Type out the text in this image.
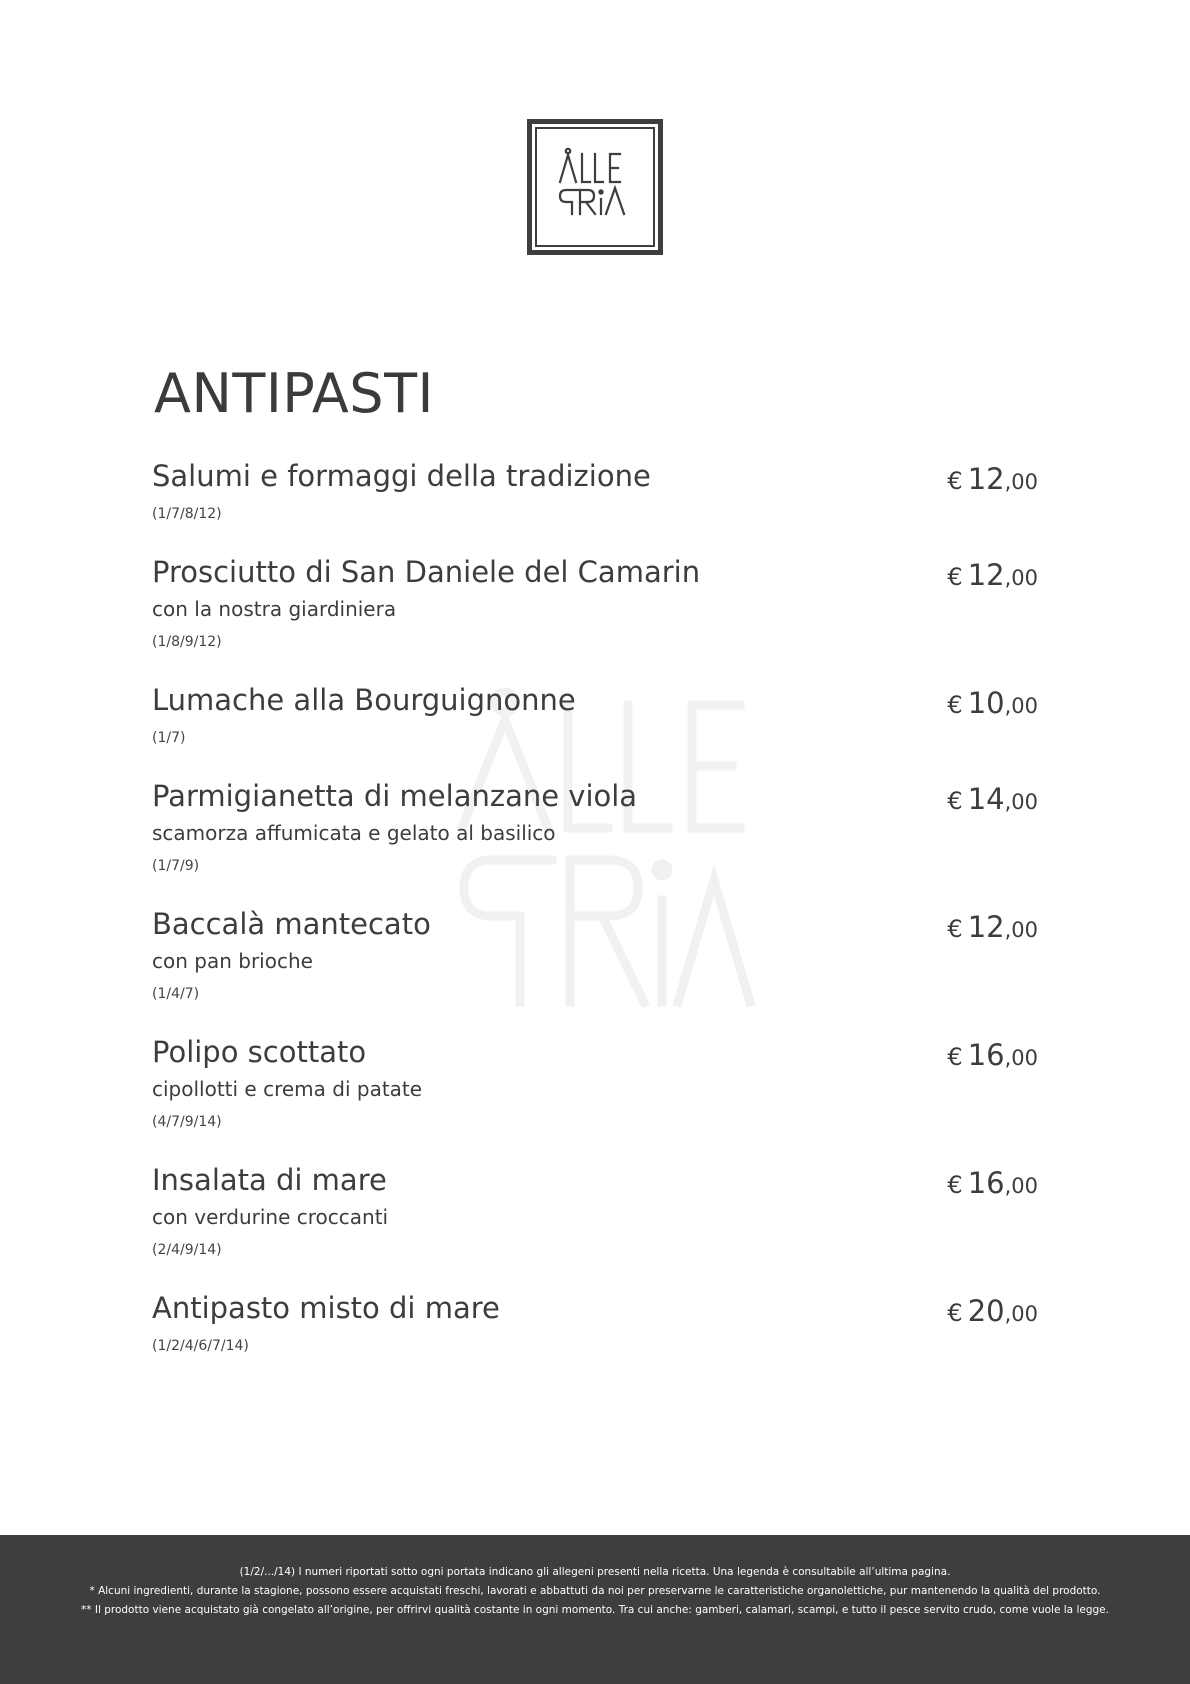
ANTIPASTI
Salumi e formaggi della tradizione
(1/7/8/12)
€ 12,00
Prosciutto di San Daniele del Camarin
con la nostra giardiniera
(1/8/9/12)
€ 12,00
Lumache alla Bourguignonne
(1/7)
€ 10,00
Parmigianetta di melanzane viola
scamorza affumicata e gelato al basilico
(1/7/9)
€ 14,00
Baccalà mantecato
con pan brioche
(1/4/7)
€ 12,00
Polipo scottato
cipollotti e crema di patate
(4/7/9/14)
€ 16,00
Insalata di mare
con verdurine croccanti
(2/4/9/14)
€ 16,00
Antipasto misto di mare
(1/2/4/6/7/14)
€ 20,00
(1/2/.../14) I numeri riportati sotto ogni portata indicano gli allegeni presenti nella ricetta. Una legenda è consultabile all’ultima pagina.
* Alcuni ingredienti, durante la stagione, possono essere acquistati freschi, lavorati e abbattuti da noi per preservarne le caratteristiche organolettiche, pur mantenendo la qualità del prodotto.
** Il prodotto viene acquistato già congelato all’origine, per offrirvi qualità costante in ogni momento. Tra cui anche: gamberi, calamari, scampi, e tutto il pesce servito crudo, come vuole la legge.
